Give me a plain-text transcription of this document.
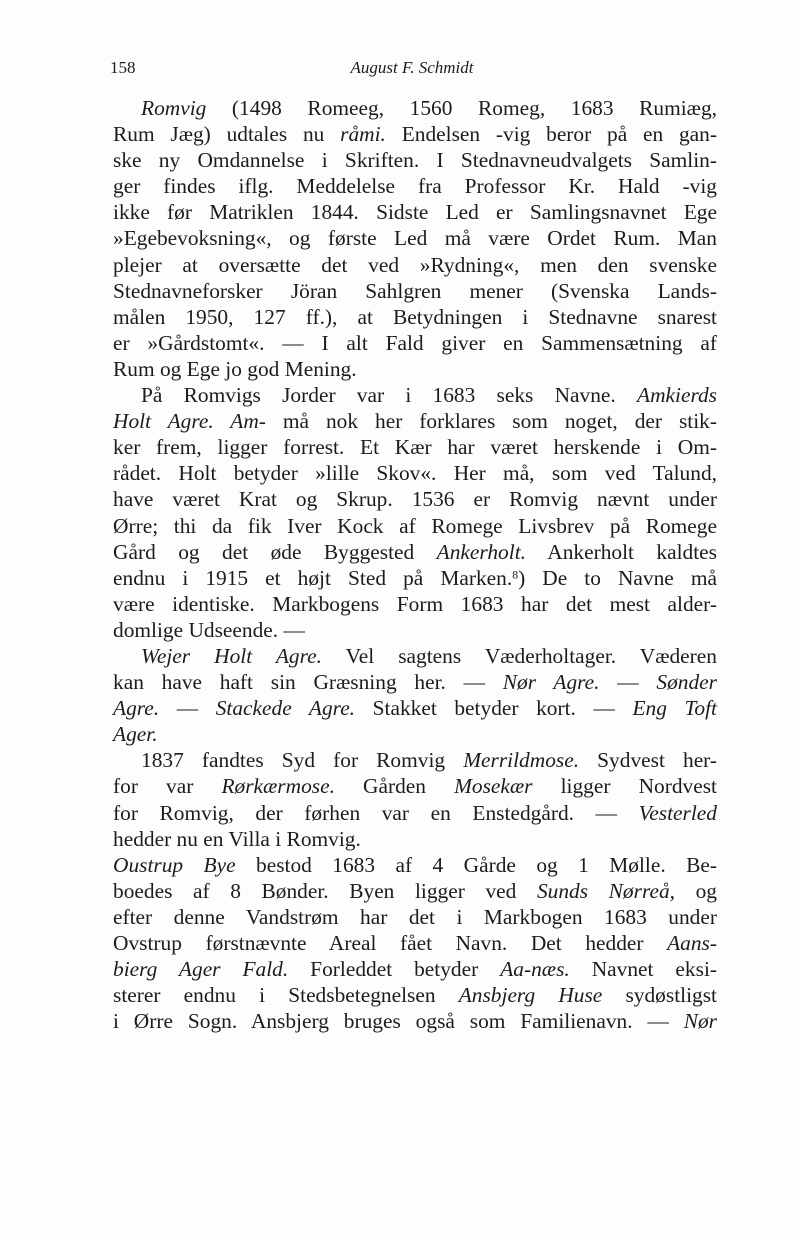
158	August F. Schmidt
Romvig (1498 Romeeg, 1560 Romeg, 1683 Rumiæg,
Rum Jæg) udtales nu råmi. Endelsen -vig beror på en gan-
ske ny Omdannelse i Skriften. I Stednavneudvalgets Samlin-
ger findes iflg. Meddelelse fra Professor Kr. Hald -vig
ikke før Matriklen 1844. Sidste Led er Samlingsnavnet Ege
»Egebevoksning«, og første Led må være Ordet Rum. Man
plejer at oversætte det ved »Rydning«, men den svenske
Stednavneforsker Jöran Sahlgren mener (Svenska Lands-
målen 1950, 127 ff.), at Betydningen i Stednavne snarest
er »Gårdstomt«. — I alt Fald giver en Sammensætning af
Rum og Ege jo god Mening.
På Romvigs Jorder var i 1683 seks Navne. Amkierds
Holt Agre. Am- må nok her forklares som noget, der stik-
ker frem, ligger forrest. Et Kær har været herskende i Om-
rådet. Holt betyder »lille Skov«. Her må, som ved Talund,
have været Krat og Skrup. 1536 er Romvig nævnt under
Ørre; thi da fik Iver Kock af Romege Livsbrev på Romege
Gård og det øde Byggested Ankerholt. Ankerholt kaldtes
endnu i 1915 et højt Sted på Marken.$^8$) De to Navne må
være identiske. Markbogens Form 1683 har det mest alder-
domlige Udseende. —
Wejer Holt Agre. Vel sagtens Væderholtager. Væderen
kan have haft sin Græsning her. — Nør Agre. — Sønder
Agre. — Stackede Agre. Stakket betyder kort. — Eng Toft
Ager.
1837 fandtes Syd for Romvig Merrildmose. Sydvest her-
for var Rørkærmose. Gården Mosekær ligger Nordvest
for Romvig, der førhen var en Enstedgård. — Vesterled
hedder nu en Villa i Romvig.
Oustrup Bye bestod 1683 af 4 Gårde og 1 Mølle. Be-
boedes af 8 Bønder. Byen ligger ved Sunds Nørreå, og
efter denne Vandstrøm har det i Markbogen 1683 under
Ovstrup førstnævnte Areal fået Navn. Det hedder Aans-
bierg Ager Fald. Forleddet betyder Aa-næs. Navnet eksi-
sterer endnu i Stedsbetegnelsen Ansbjerg Huse sydøstligst
i Ørre Sogn. Ansbjerg bruges også som Familienavn. — Nør
